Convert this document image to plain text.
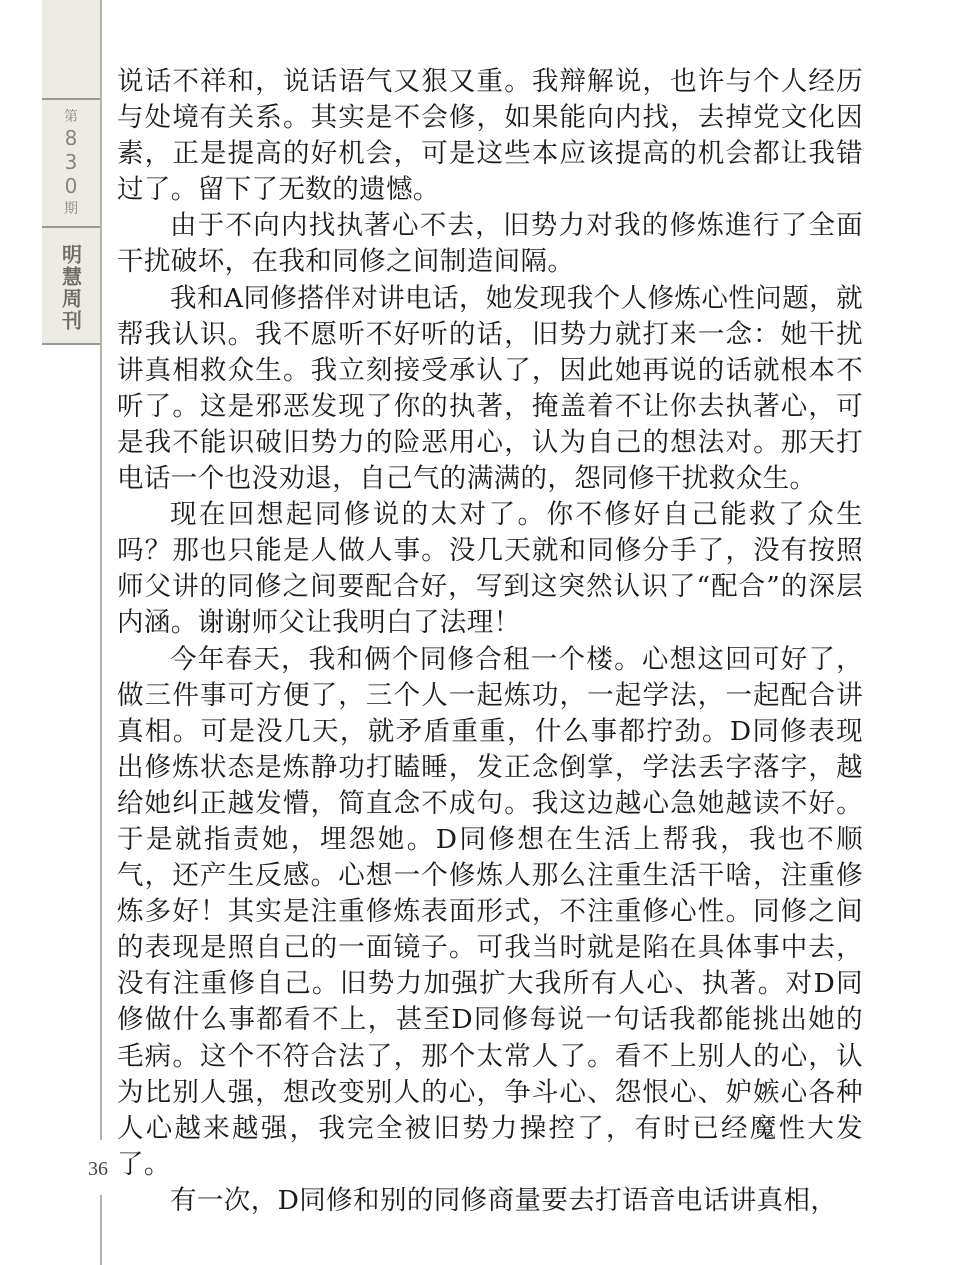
第
830
期
明慧周刊

说话不祥和，说话语气又狠又重。我辩解说，也许与个人经历与处境有关系。其实是不会修，如果能向内找，去掉党文化因素，正是提高的好机会，可是这些本应该提高的机会都让我错过了。留下了无数的遗憾。

由于不向内找执著心不去，旧势力对我的修炼進行了全面干扰破坏，在我和同修之间制造间隔。

我和A同修搭伴对讲电话，她发现我个人修炼心性问题，就帮我认识。我不愿听不好听的话，旧势力就打来一念：她干扰讲真相救众生。我立刻接受承认了，因此她再说的话就根本不听了。这是邪恶发现了你的执著，掩盖着不让你去执著心，可是我不能识破旧势力的险恶用心，认为自己的想法对。那天打电话一个也没劝退，自己气的满满的，怨同修干扰救众生。

现在回想起同修说的太对了。你不修好自己能救了众生吗？那也只能是人做人事。没几天就和同修分手了，没有按照师父讲的同修之间要配合好，写到这突然认识了“配合”的深层内涵。谢谢师父让我明白了法理！

今年春天，我和俩个同修合租一个楼。心想这回可好了，做三件事可方便了，三个人一起炼功，一起学法，一起配合讲真相。可是没几天，就矛盾重重，什么事都拧劲。D同修表现出修炼状态是炼静功打瞌睡，发正念倒掌，学法丢字落字，越给她纠正越发懵，简直念不成句。我这边越心急她越读不好。于是就指责她，埋怨她。D同修想在生活上帮我，我也不顺气，还产生反感。心想一个修炼人那么注重生活干啥，注重修炼多好！其实是注重修炼表面形式，不注重修心性。同修之间的表现是照自己的一面镜子。可我当时就是陷在具体事中去，没有注重修自己。旧势力加强扩大我所有人心、执著。对D同修做什么事都看不上，甚至D同修每说一句话我都能挑出她的毛病。这个不符合法了，那个太常人了。看不上别人的心，认为比别人强，想改变别人的心，争斗心、怨恨心、妒嫉心各种人心越来越强，我完全被旧势力操控了，有时已经魔性大发了。

有一次，D同修和别的同修商量要去打语音电话讲真相，

36
